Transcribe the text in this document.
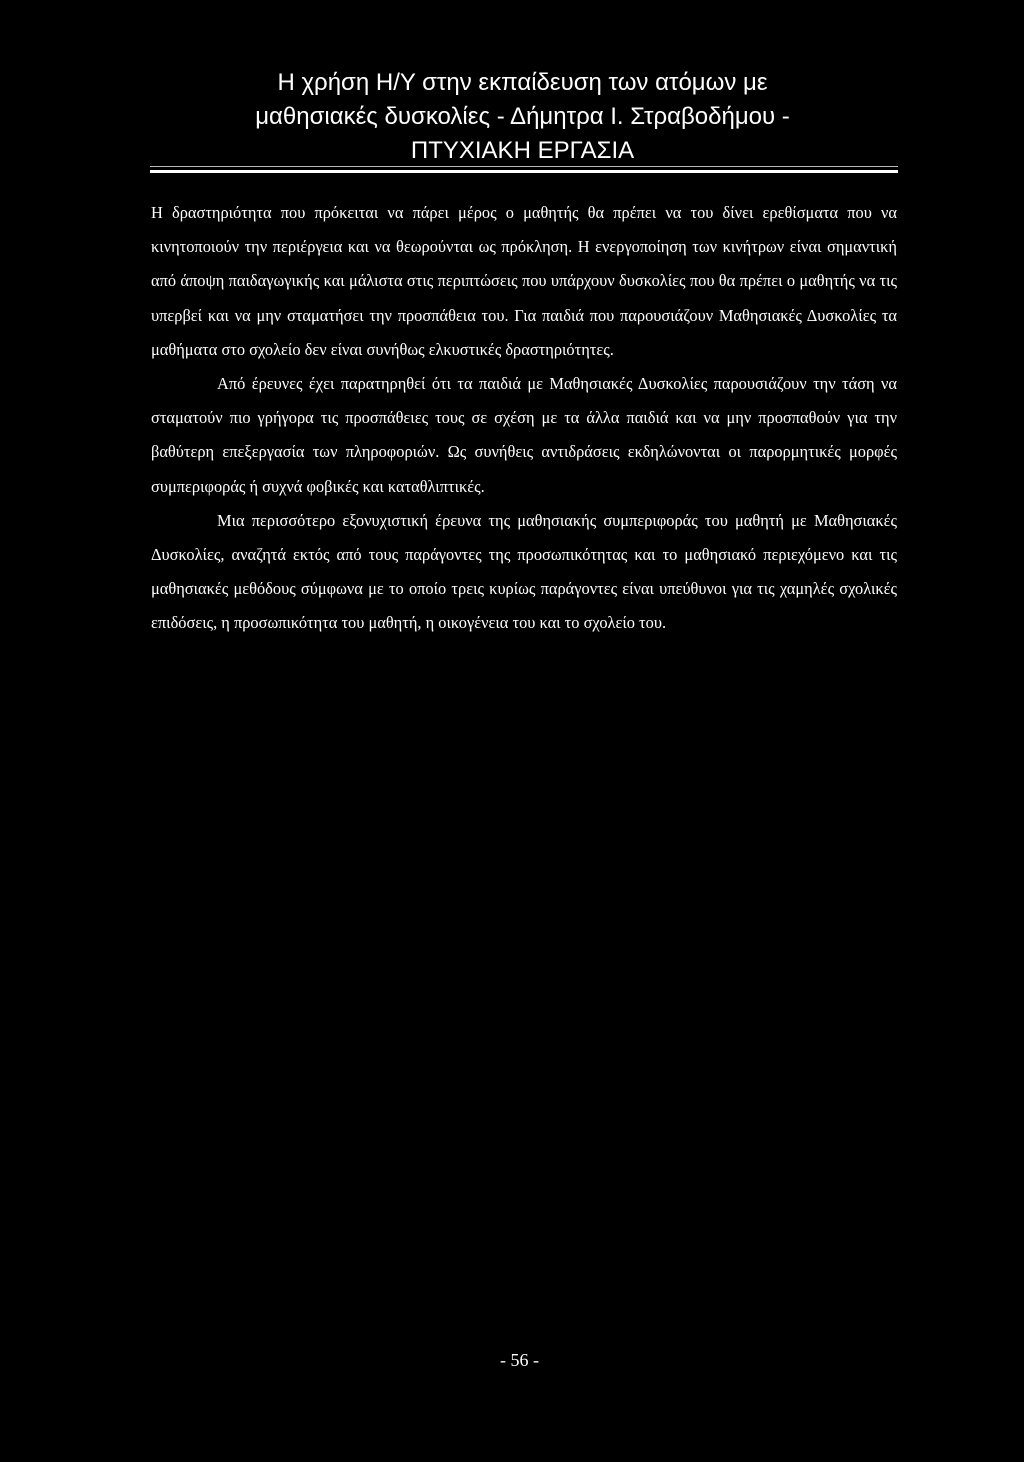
Η χρήση Η/Υ στην εκπαίδευση των ατόμων με
μαθησιακές δυσκολίες - Δήμητρα Ι. Στραβοδήμου -
ΠΤΥΧΙΑΚΗ ΕΡΓΑΣΙΑ

Η δραστηριότητα που πρόκειται να πάρει μέρος ο μαθητής θα πρέπει να του δίνει ερεθίσματα που να κινητοποιούν την περιέργεια και να θεωρούνται ως πρόκληση. Η ενεργοποίηση των κινήτρων είναι σημαντική από άποψη παιδαγωγικής και μάλιστα στις περιπτώσεις που υπάρχουν δυσκολίες που θα πρέπει ο μαθητής να τις υπερβεί και να μην σταματήσει την προσπάθεια του. Για παιδιά που παρουσιάζουν Μαθησιακές Δυσκολίες τα μαθήματα στο σχολείο δεν είναι συνήθως ελκυστικές δραστηριότητες.

Από έρευνες έχει παρατηρηθεί ότι τα παιδιά με Μαθησιακές Δυσκολίες παρουσιάζουν την τάση να σταματούν πιο γρήγορα τις προσπάθειες τους σε σχέση με τα άλλα παιδιά και να μην προσπαθούν για την βαθύτερη επεξεργασία των πληροφοριών. Ως συνήθεις αντιδράσεις εκδηλώνονται οι παρορμητικές μορφές συμπεριφοράς ή συχνά φοβικές και καταθλιπτικές.

Μια περισσότερο εξονυχιστική έρευνα της μαθησιακής συμπεριφοράς του μαθητή με Μαθησιακές Δυσκολίες, αναζητά εκτός από τους παράγοντες της προσωπικότητας και το μαθησιακό περιεχόμενο και τις μαθησιακές μεθόδους σύμφωνα με το οποίο τρεις κυρίως παράγοντες είναι υπεύθυνοι για τις χαμηλές σχολικές επιδόσεις, η προσωπικότητα του μαθητή, η οικογένεια του και το σχολείο του.

- 56 -
